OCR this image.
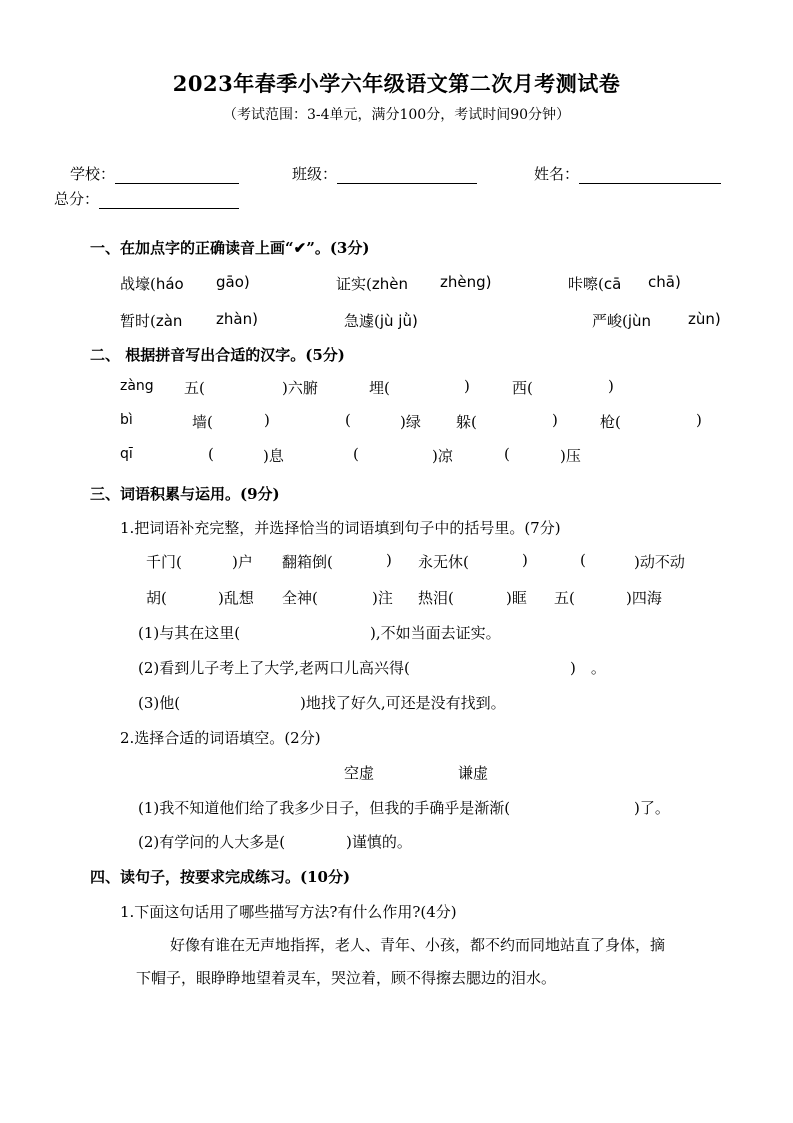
2023年春季小学六年级语文第二次月考测试卷
（考试范围：3-4单元，满分100分，考试时间90分钟）
学校：	班级：	姓名：
总分：
一、在加点字的正确读音上画“✔”。(3分)
战壕(háo gāo)	证实(zhèn zhèng)	咔嚓(cā chā)
暂时(zàn zhàn)	急遽(jù jǜ)	严峻(jùn zùn)
二、 根据拼音写出合适的汉字。(5分)
zàng 五(	)六腑	埋(	)	西(	)
bì	墙(	)	(	)绿 躲(	)	枪(	)
qī	(	)息	(	)凉	(	)压
三、词语积累与运用。(9分)
1.把词语补充完整，并选择恰当的词语填到句子中的括号里。(7分)
千门(	)户 翻箱倒(	) 永无休(	)	(	)动不动
胡(	)乱想 全神(	)注 热泪(	)眶 五(	)四海
(1)与其在这里(	),不如当面去证实。
(2)看到儿子考上了大学,老两口儿高兴得(	)　。
(3)他(	)地找了好久,可还是没有找到。
2.选择合适的词语填空。(2分)
空虚	谦虚
(1)我不知道他们给了我多少日子，但我的手确乎是渐渐(	)了。
(2)有学问的人大多是(	)谨慎的。
四、读句子，按要求完成练习。(10分)
1.下面这句话用了哪些描写方法?有什么作用?(4分)
好像有谁在无声地指挥，老人、青年、小孩，都不约而同地站直了身体，摘
下帽子，眼睁睁地望着灵车，哭泣着，顾不得擦去腮边的泪水。
